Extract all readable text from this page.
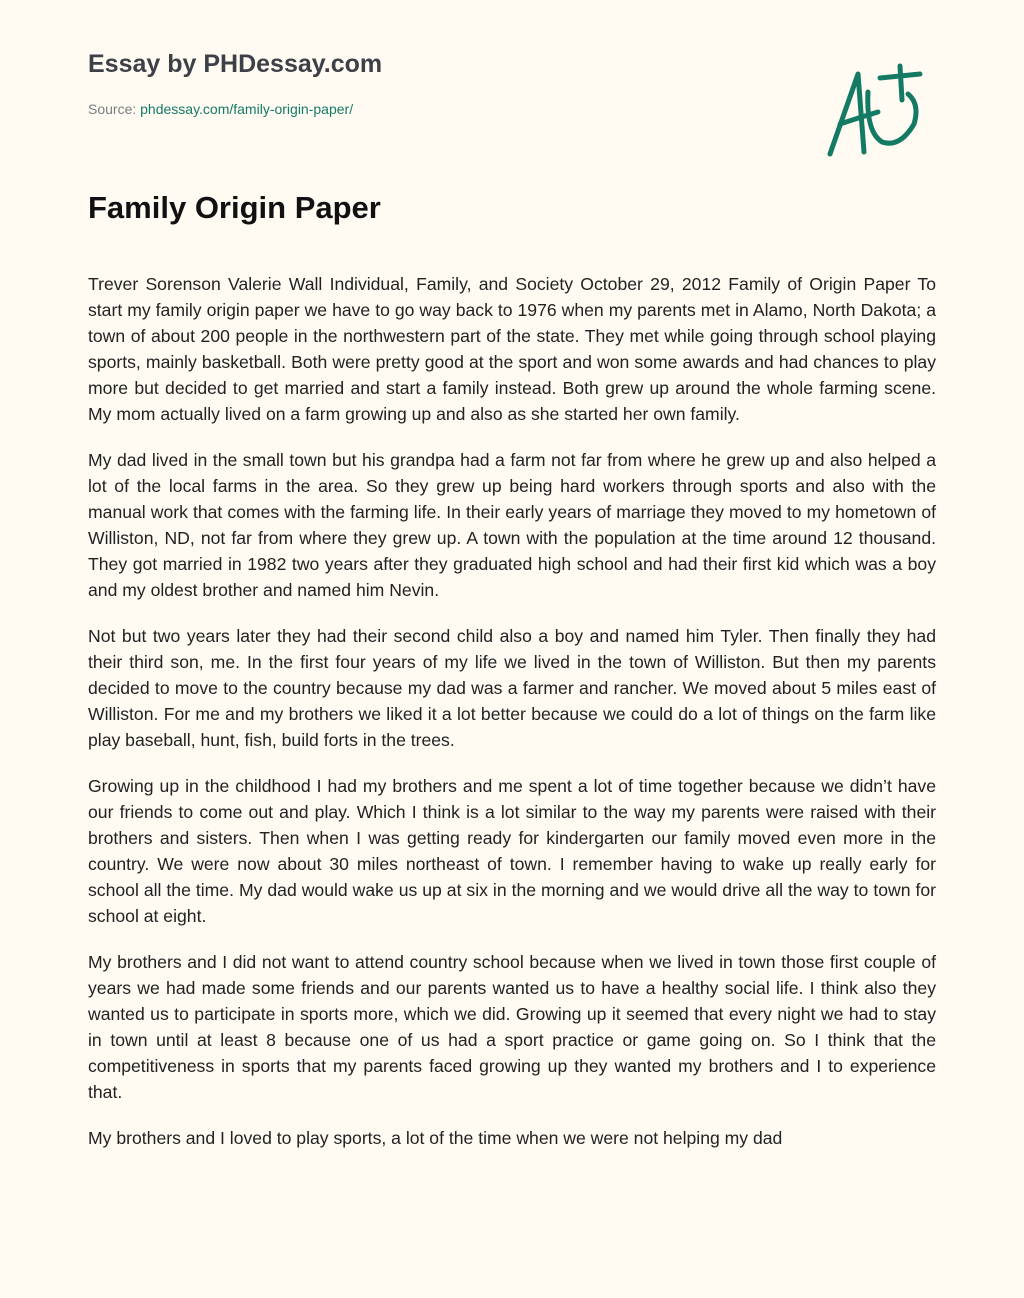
Essay by PHDessay.com
Source: phdessay.com/family-origin-paper/
Family Origin Paper

Trever Sorenson Valerie Wall Individual, Family, and Society October 29, 2012 Family of Origin Paper To start my family origin paper we have to go way back to 1976 when my parents met in Alamo, North Dakota; a town of about 200 people in the northwestern part of the state. They met while going through school playing sports, mainly basketball. Both were pretty good at the sport and won some awards and had chances to play more but decided to get married and start a family instead. Both grew up around the whole farming scene. My mom actually lived on a farm growing up and also as she started her own family.

My dad lived in the small town but his grandpa had a farm not far from where he grew up and also helped a lot of the local farms in the area. So they grew up being hard workers through sports and also with the manual work that comes with the farming life. In their early years of marriage they moved to my hometown of Williston, ND, not far from where they grew up. A town with the population at the time around 12 thousand. They got married in 1982 two years after they graduated high school and had their first kid which was a boy and my oldest brother and named him Nevin.

Not but two years later they had their second child also a boy and named him Tyler. Then finally they had their third son, me. In the first four years of my life we lived in the town of Williston. But then my parents decided to move to the country because my dad was a farmer and rancher. We moved about 5 miles east of Williston. For me and my brothers we liked it a lot better because we could do a lot of things on the farm like play baseball, hunt, fish, build forts in the trees.

Growing up in the childhood I had my brothers and me spent a lot of time together because we didn’t have our friends to come out and play. Which I think is a lot similar to the way my parents were raised with their brothers and sisters. Then when I was getting ready for kindergarten our family moved even more in the country. We were now about 30 miles northeast of town. I remember having to wake up really early for school all the time. My dad would wake us up at six in the morning and we would drive all the way to town for school at eight.

My brothers and I did not want to attend country school because when we lived in town those first couple of years we had made some friends and our parents wanted us to have a healthy social life. I think also they wanted us to participate in sports more, which we did. Growing up it seemed that every night we had to stay in town until at least 8 because one of us had a sport practice or game going on. So I think that the competitiveness in sports that my parents faced growing up they wanted my brothers and I to experience that.

My brothers and I loved to play sports, a lot of the time when we were not helping my dad
